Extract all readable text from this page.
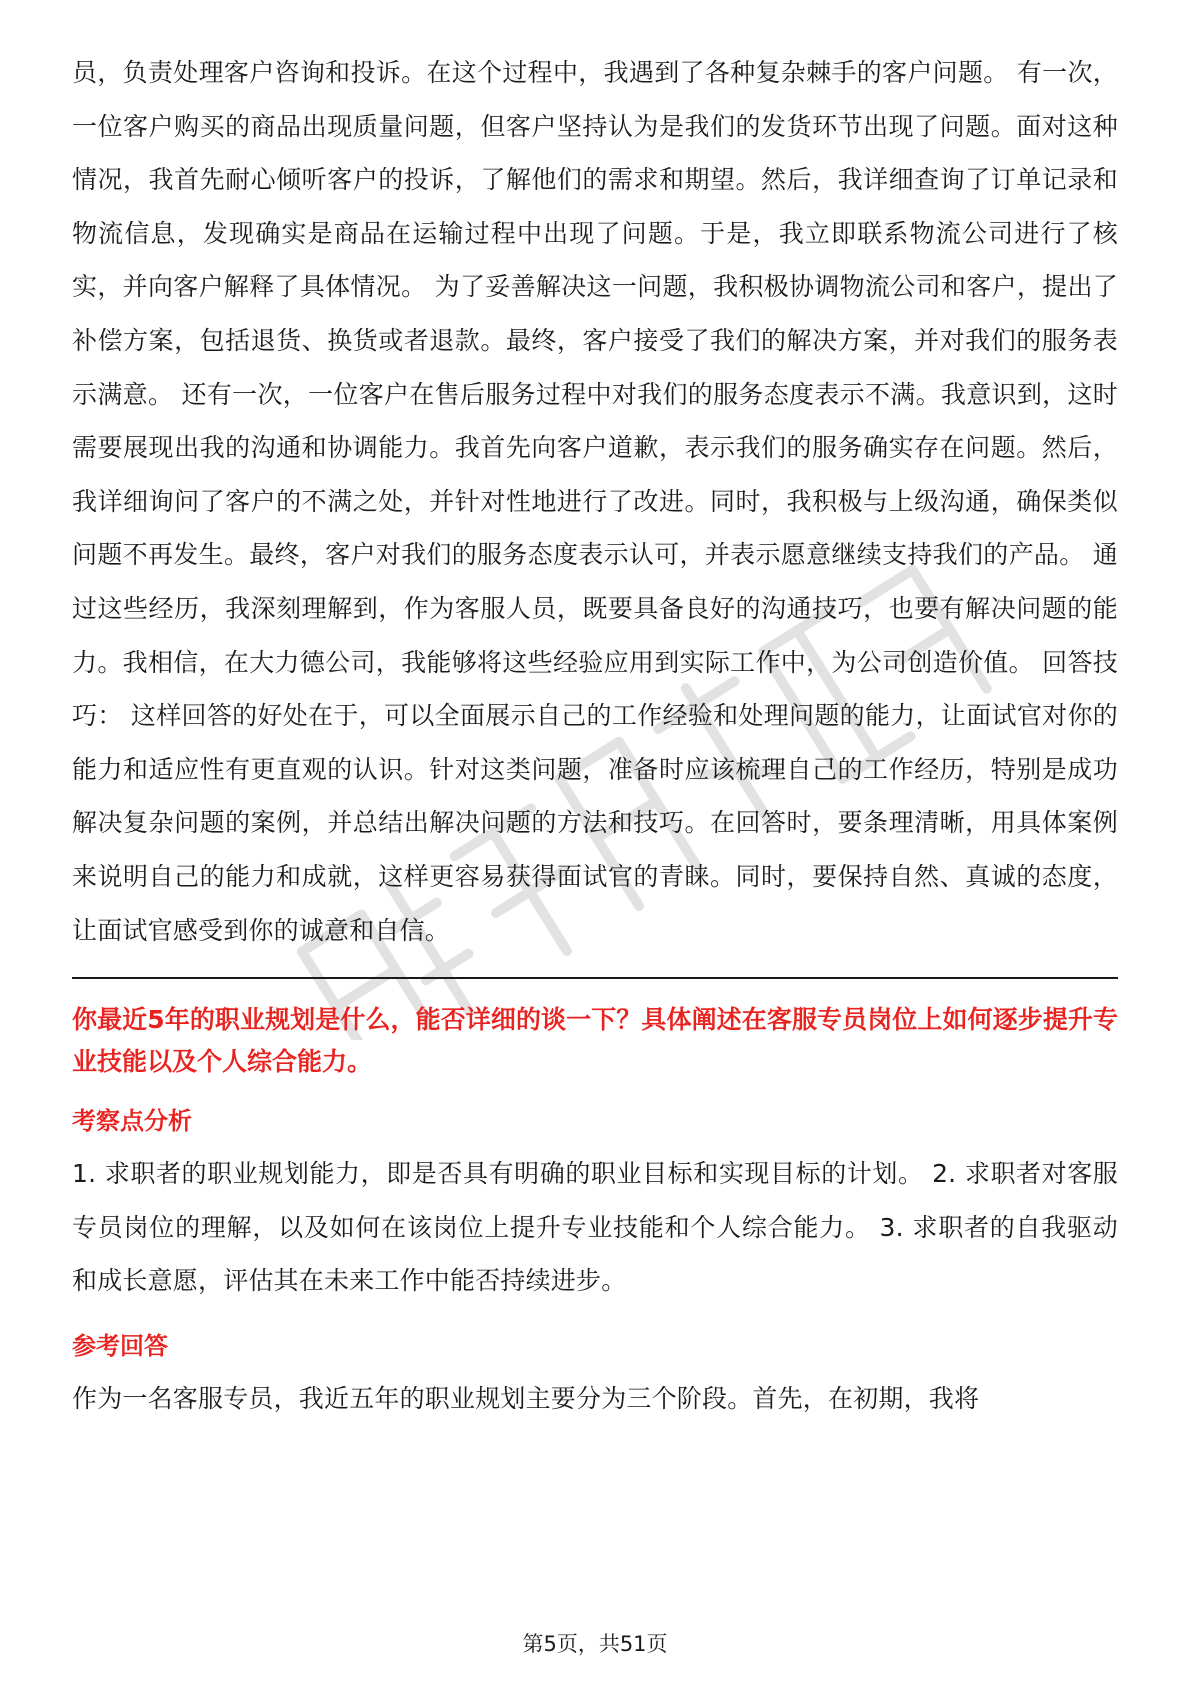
员，负责处理客户咨询和投诉。在这个过程中，我遇到了各种复杂棘手的客户问题。 有一次，一位客户购买的商品出现质量问题，但客户坚持认为是我们的发货环节出现了问题。面对这种情况，我首先耐心倾听客户的投诉，了解他们的需求和期望。然后，我详细查询了订单记录和物流信息，发现确实是商品在运输过程中出现了问题。于是，我立即联系物流公司进行了核实，并向客户解释了具体情况。 为了妥善解决这一问题，我积极协调物流公司和客户，提出了补偿方案，包括退货、换货或者退款。最终，客户接受了我们的解决方案，并对我们的服务表示满意。 还有一次，一位客户在售后服务过程中对我们的服务态度表示不满。我意识到，这时需要展现出我的沟通和协调能力。我首先向客户道歉，表示我们的服务确实存在问题。然后，我详细询问了客户的不满之处，并针对性地进行了改进。同时，我积极与上级沟通，确保类似问题不再发生。最终，客户对我们的服务态度表示认可，并表示愿意继续支持我们的产品。 通过这些经历，我深刻理解到，作为客服人员，既要具备良好的沟通技巧，也要有解决问题的能力。我相信，在大力德公司，我能够将这些经验应用到实际工作中，为公司创造价值。 回答技巧： 这样回答的好处在于，可以全面展示自己的工作经验和处理问题的能力，让面试官对你的能力和适应性有更直观的认识。针对这类问题，准备时应该梳理自己的工作经历，特别是成功解决复杂问题的案例，并总结出解决问题的方法和技巧。在回答时，要条理清晰，用具体案例来说明自己的能力和成就，这样更容易获得面试官的青睐。同时，要保持自然、真诚的态度，让面试官感受到你的诚意和自信。

你最近5年的职业规划是什么，能否详细的谈一下？具体阐述在客服专员岗位上如何逐步提升专业技能以及个人综合能力。

考察点分析

1. 求职者的职业规划能力，即是否具有明确的职业目标和实现目标的计划。 2. 求职者对客服专员岗位的理解，以及如何在该岗位上提升专业技能和个人综合能力。 3. 求职者的自我驱动和成长意愿，评估其在未来工作中能否持续进步。

参考回答

作为一名客服专员，我近五年的职业规划主要分为三个阶段。首先，在初期，我将

第5页，共51页
